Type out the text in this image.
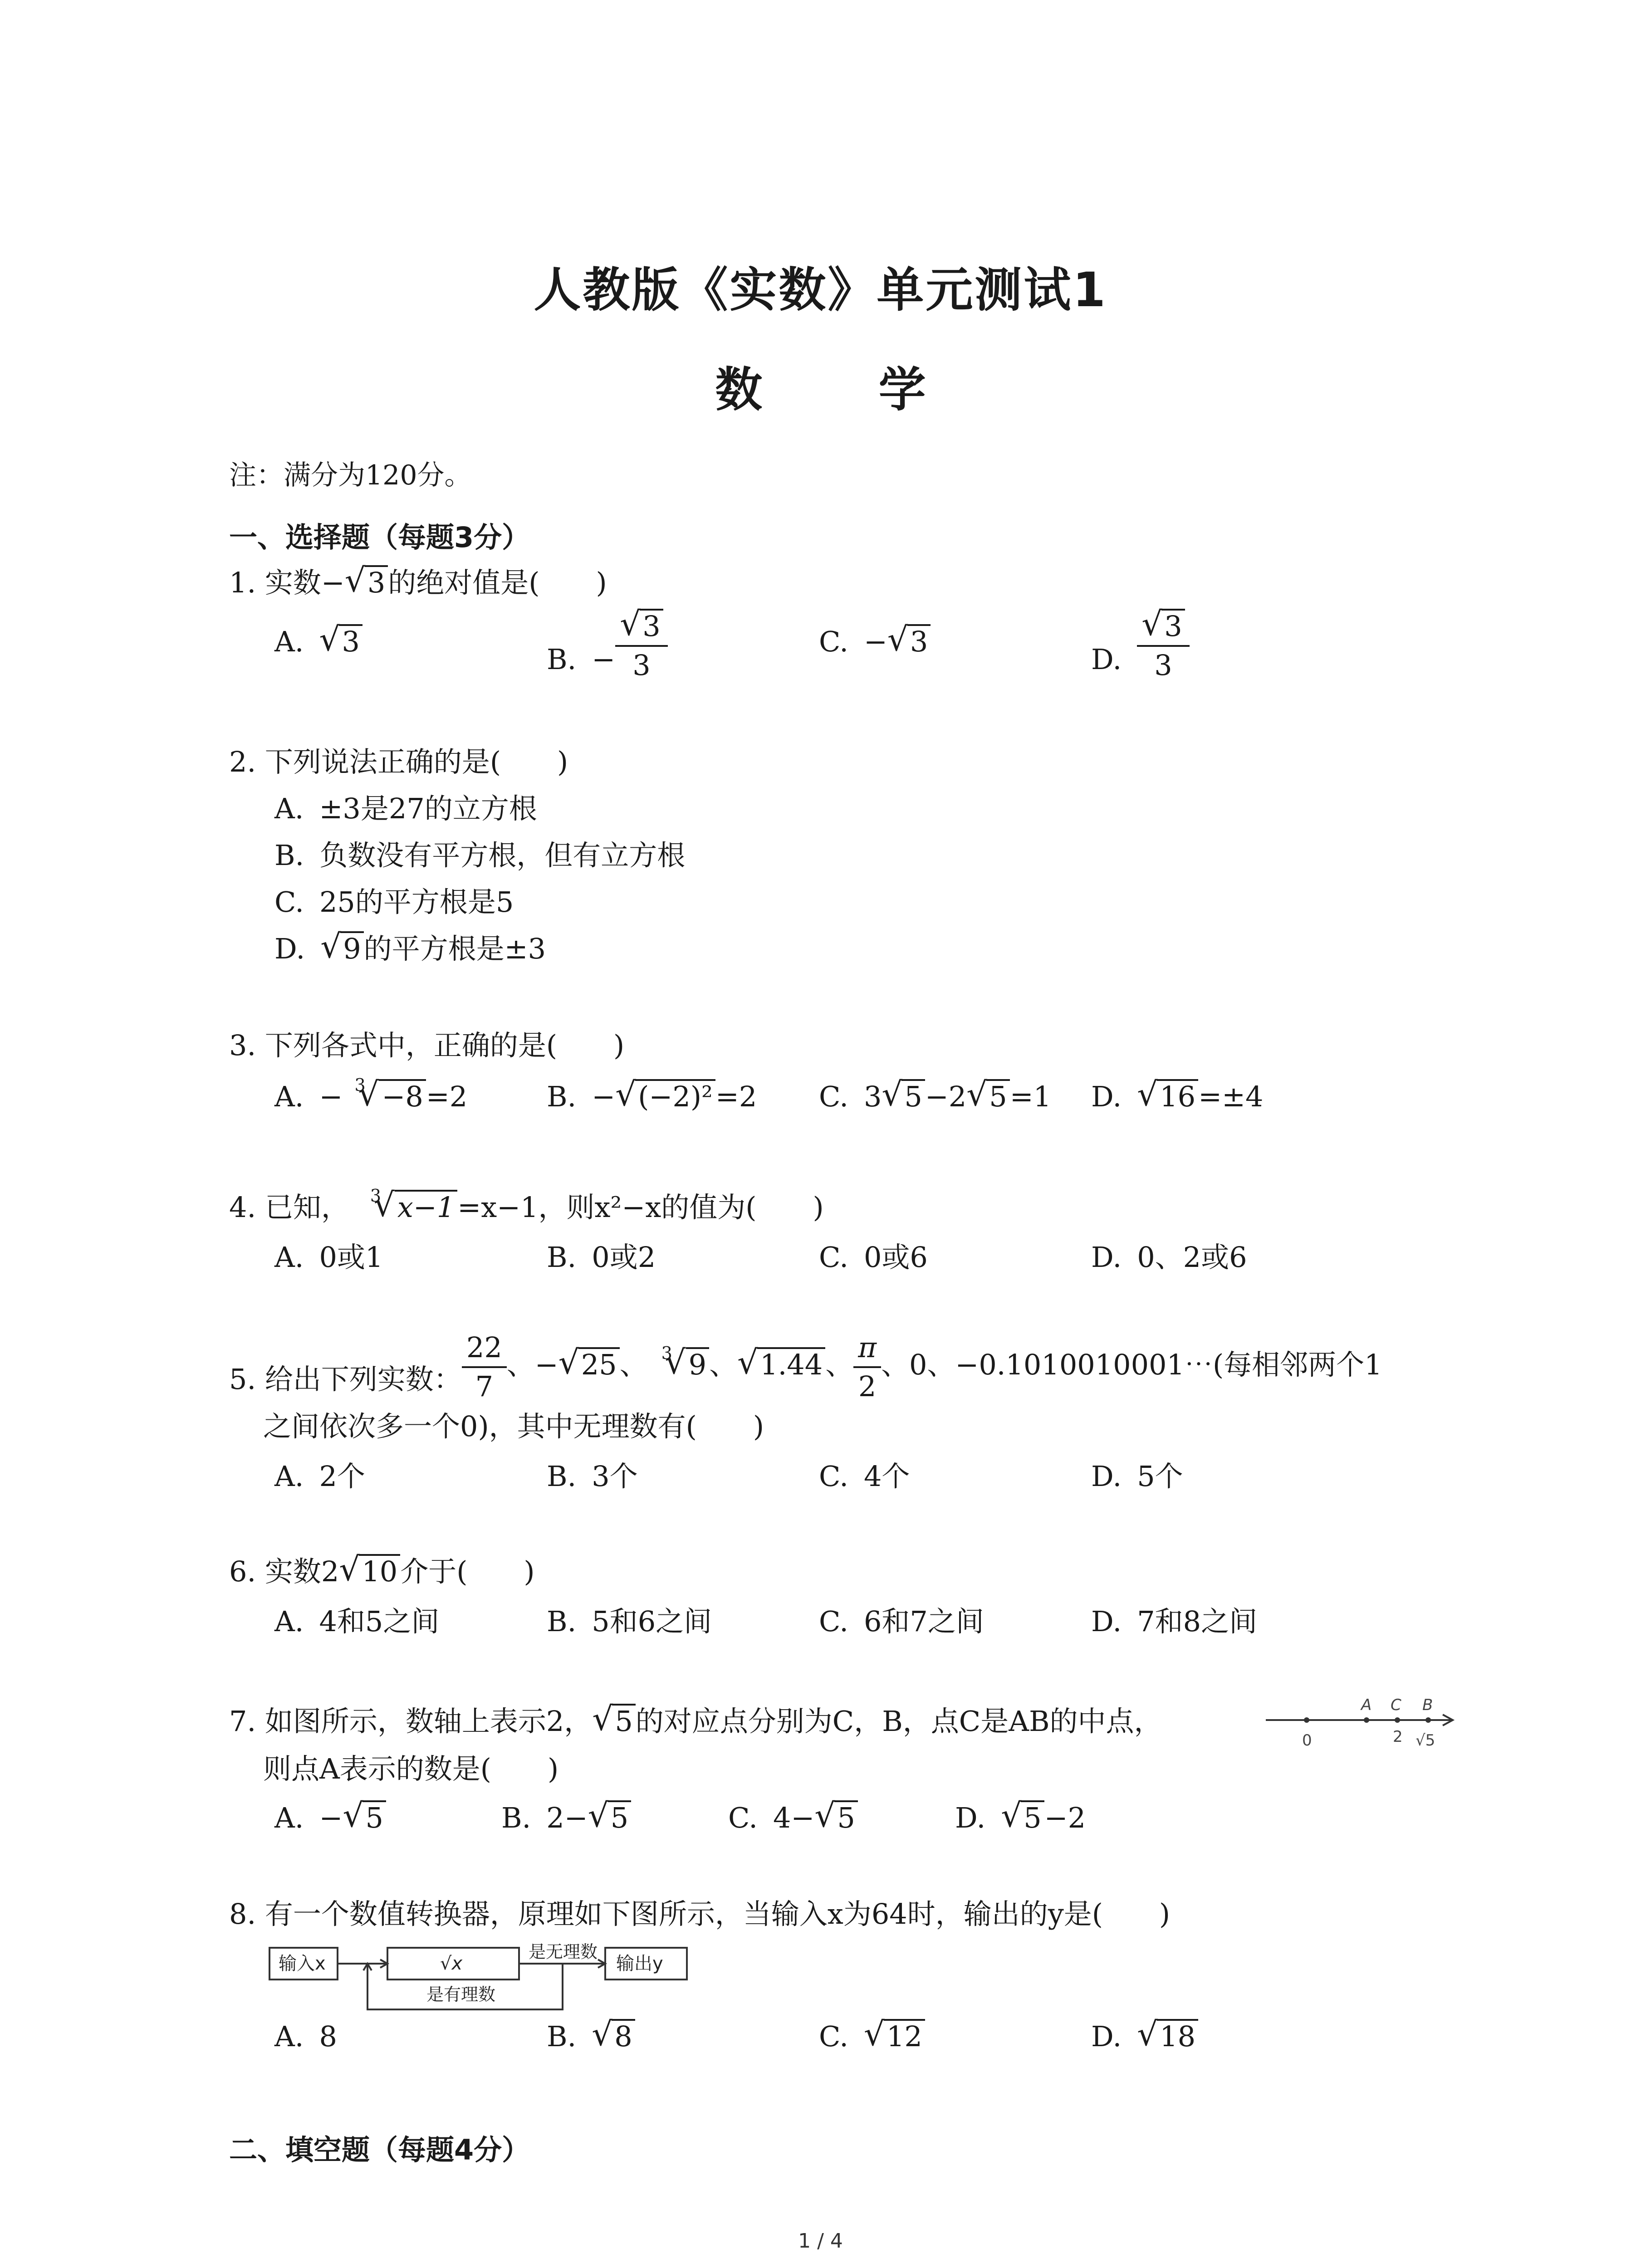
人教版《实数》单元测试1
数 学
注：满分为120分。
一、选择题（每题3分）
1. 实数− √ 3的绝对值是(　　)
A. √ 3
B. − √ $\frac{3}{3}$	C. − √ 3
D. √ $\frac{3}{3}$
2. 下列说法正确的是(　　)
A. ±3是27的立方根
B. 负数没有平方根，但有立方根
C. 25的平方根是5
D. √ 9的平方根是±3
3. 下列各式中，正确的是(　　)
A. − √ 3 −8=2	B. − √ (−2)²=2 C. 3 √ 5−2 √ 5=1 D. √ 16=±4
4. 已知， √ 3 x−1=x−1，则x²−x的值为(　　)
A. 0或1	B. 0或2	C. 0或6	D. 0、2或6
5. 给出下列实数： $\frac{22}{7}$ 、− √ 25、 √ 3 9、 √ 1.44、 $\frac{\pi}{2}$ 、0、−0.1010010001⋯(每相邻两个1
之间依次多一个0)，其中无理数有(　　)
A. 2个	B. 3个	C. 4个	D. 5个
6. 实数2 √ 10介于(　　)
A. 4和5之间	B. 5和6之间	C. 6和7之间	D. 7和8之间
7. 如图所示，数轴上表示2， √ 5的对应点分别为C，B，点C是AB的中点，
则点A表示的数是(　　)
A. − √ 5	B. 2− √ 5	C. 4− √ 5	D. √ 5−2
0
A C B
2 √5
8. 有一个数值转换器，原理如下图所示，当输入x为64时，输出的y是(　　)
输入x	√x
是无理数
输出y
是有理数
A. 8	B. √ 8	C. √ 12	D. √ 18
二、填空题（每题4分）
1 / 4
